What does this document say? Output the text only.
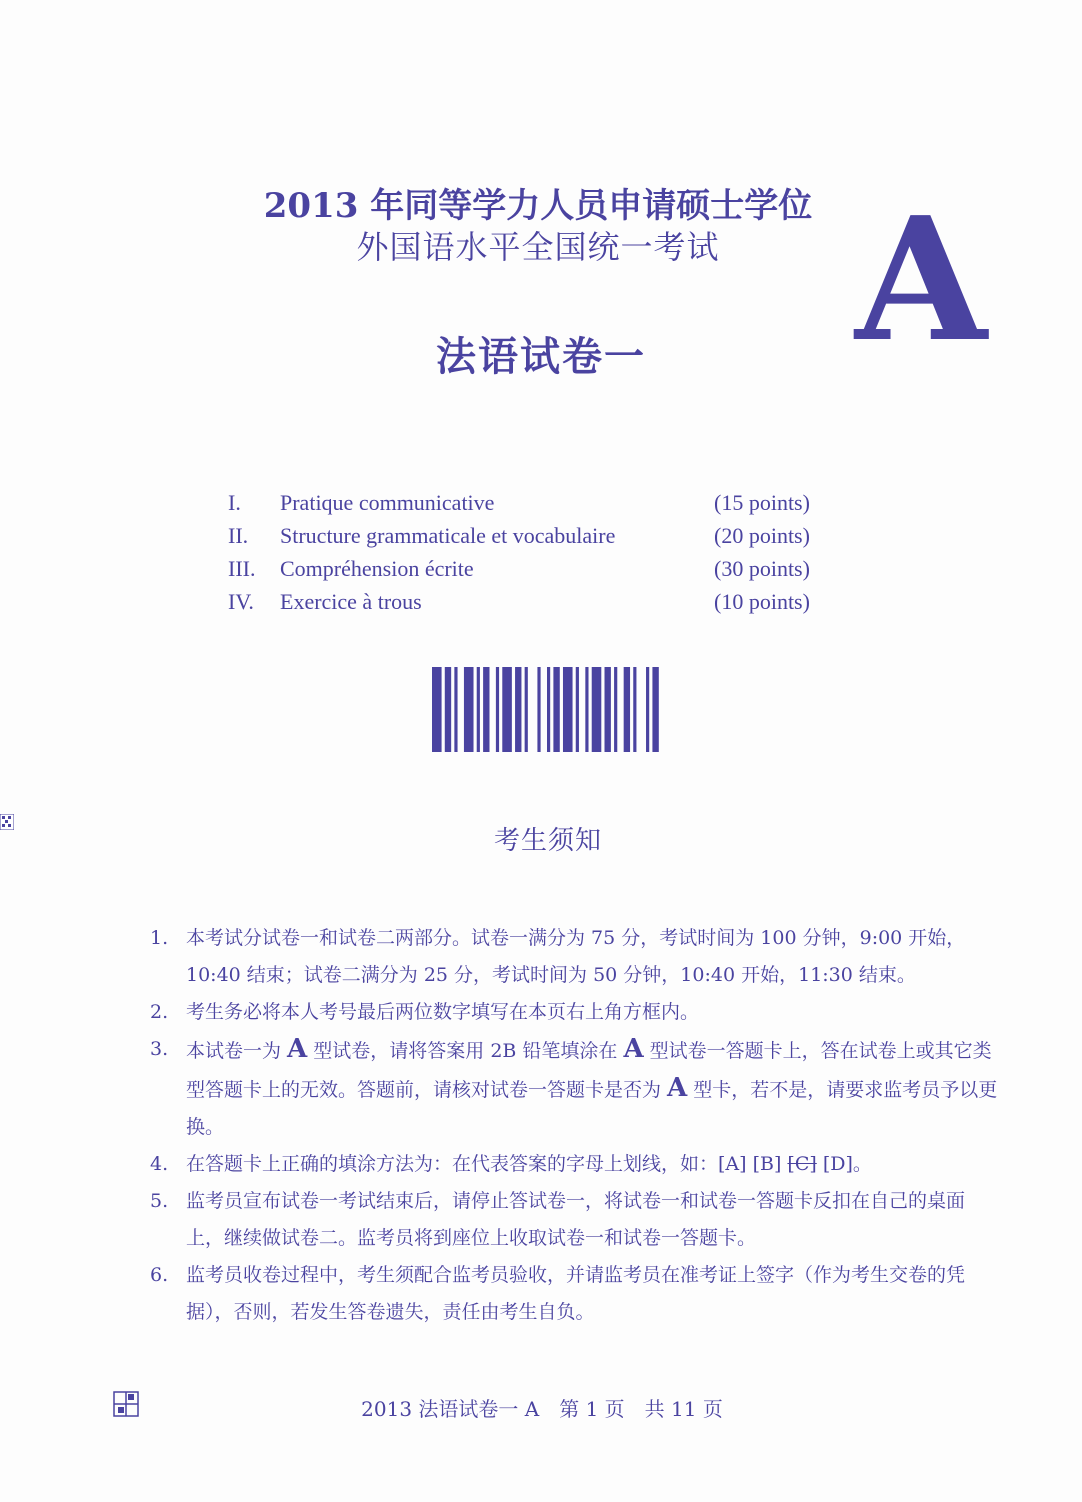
2013 年同等学力人员申请硕士学位
外国语水平全国统一考试
法语试卷一	A
I. Pratique communicative	(15 points)
II. Structure grammaticale et vocabulaire	(20 points)
III. Compréhension écrite	(30 points)
IV. Exercice à trous	(10 points)
考生须知
1. 本考试分试卷一和试卷二两部分。试卷一满分为 75 分，考试时间为 100 分钟，9:00 开始，10:40 结束；试卷二满分为 25 分，考试时间为 50 分钟，10:40 开始，11:30 结束。
2. 考生务必将本人考号最后两位数字填写在本页右上角方框内。
3. 本试卷一为 A 型试卷，请将答案用 2B 铅笔填涂在 A 型试卷一答题卡上，答在试卷上或其它类型答题卡上的无效。答题前，请核对试卷一答题卡是否为 A 型卡，若不是，请要求监考员予以更换。
4. 在答题卡上正确的填涂方法为：在代表答案的字母上划线，如：[A] [B] [C] [D]。
5. 监考员宣布试卷一考试结束后，请停止答试卷一，将试卷一和试卷一答题卡反扣在自己的桌面上，继续做试卷二。监考员将到座位上收取试卷一和试卷一答题卡。
6. 监考员收卷过程中，考生须配合监考员验收，并请监考员在准考证上签字（作为考生交卷的凭据），否则，若发生答卷遗失，责任由考生自负。
2013 法语试卷一 A　第 1 页　共 11 页
